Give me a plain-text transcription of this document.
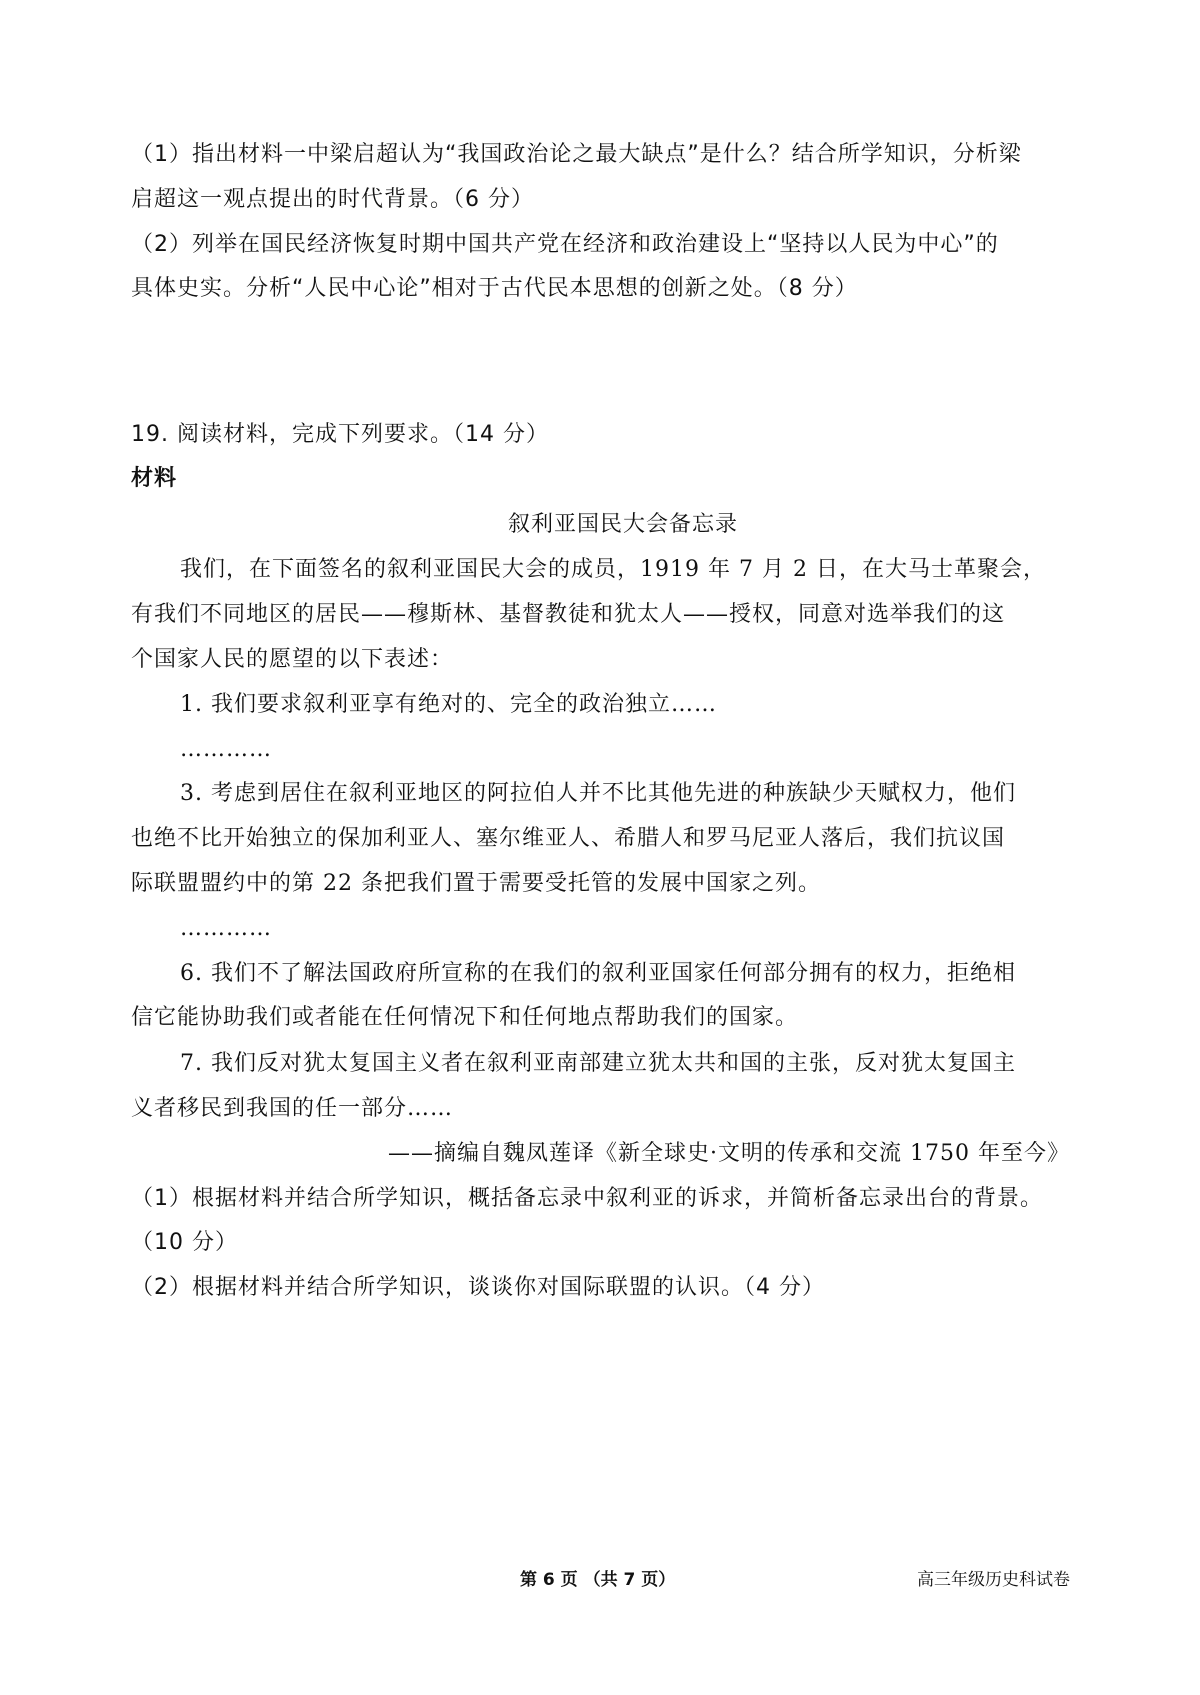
（1）指出材料一中梁启超认为“我国政治论之最大缺点”是什么？结合所学知识，分析梁

启超这一观点提出的时代背景。（6 分）

（2）列举在国民经济恢复时期中国共产党在经济和政治建设上“坚持以人民为中心”的

具体史实。分析“人民中心论”相对于古代民本思想的创新之处。（8 分）

19. 阅读材料，完成下列要求。（14 分）

材料

叙利亚国民大会备忘录

我们，在下面签名的叙利亚国民大会的成员，1919 年 7 月 2 日，在大马士革聚会，

有我们不同地区的居民——穆斯林、基督教徒和犹太人——授权，同意对选举我们的这

个国家人民的愿望的以下表述：

1. 我们要求叙利亚享有绝对的、完全的政治独立……

…………

3. 考虑到居住在叙利亚地区的阿拉伯人并不比其他先进的种族缺少天赋权力，他们

也绝不比开始独立的保加利亚人、塞尔维亚人、希腊人和罗马尼亚人落后，我们抗议国

际联盟盟约中的第 22 条把我们置于需要受托管的发展中国家之列。

…………

6. 我们不了解法国政府所宣称的在我们的叙利亚国家任何部分拥有的权力，拒绝相

信它能协助我们或者能在任何情况下和任何地点帮助我们的国家。

7. 我们反对犹太复国主义者在叙利亚南部建立犹太共和国的主张，反对犹太复国主

义者移民到我国的任一部分……

——摘编自魏凤莲译《新全球史·文明的传承和交流 1750 年至今》

（1）根据材料并结合所学知识，概括备忘录中叙利亚的诉求，并简析备忘录出台的背景。

（10 分）

（2）根据材料并结合所学知识，谈谈你对国际联盟的认识。（4 分）

第 6 页 （共 7 页）	高三年级历史科试卷
